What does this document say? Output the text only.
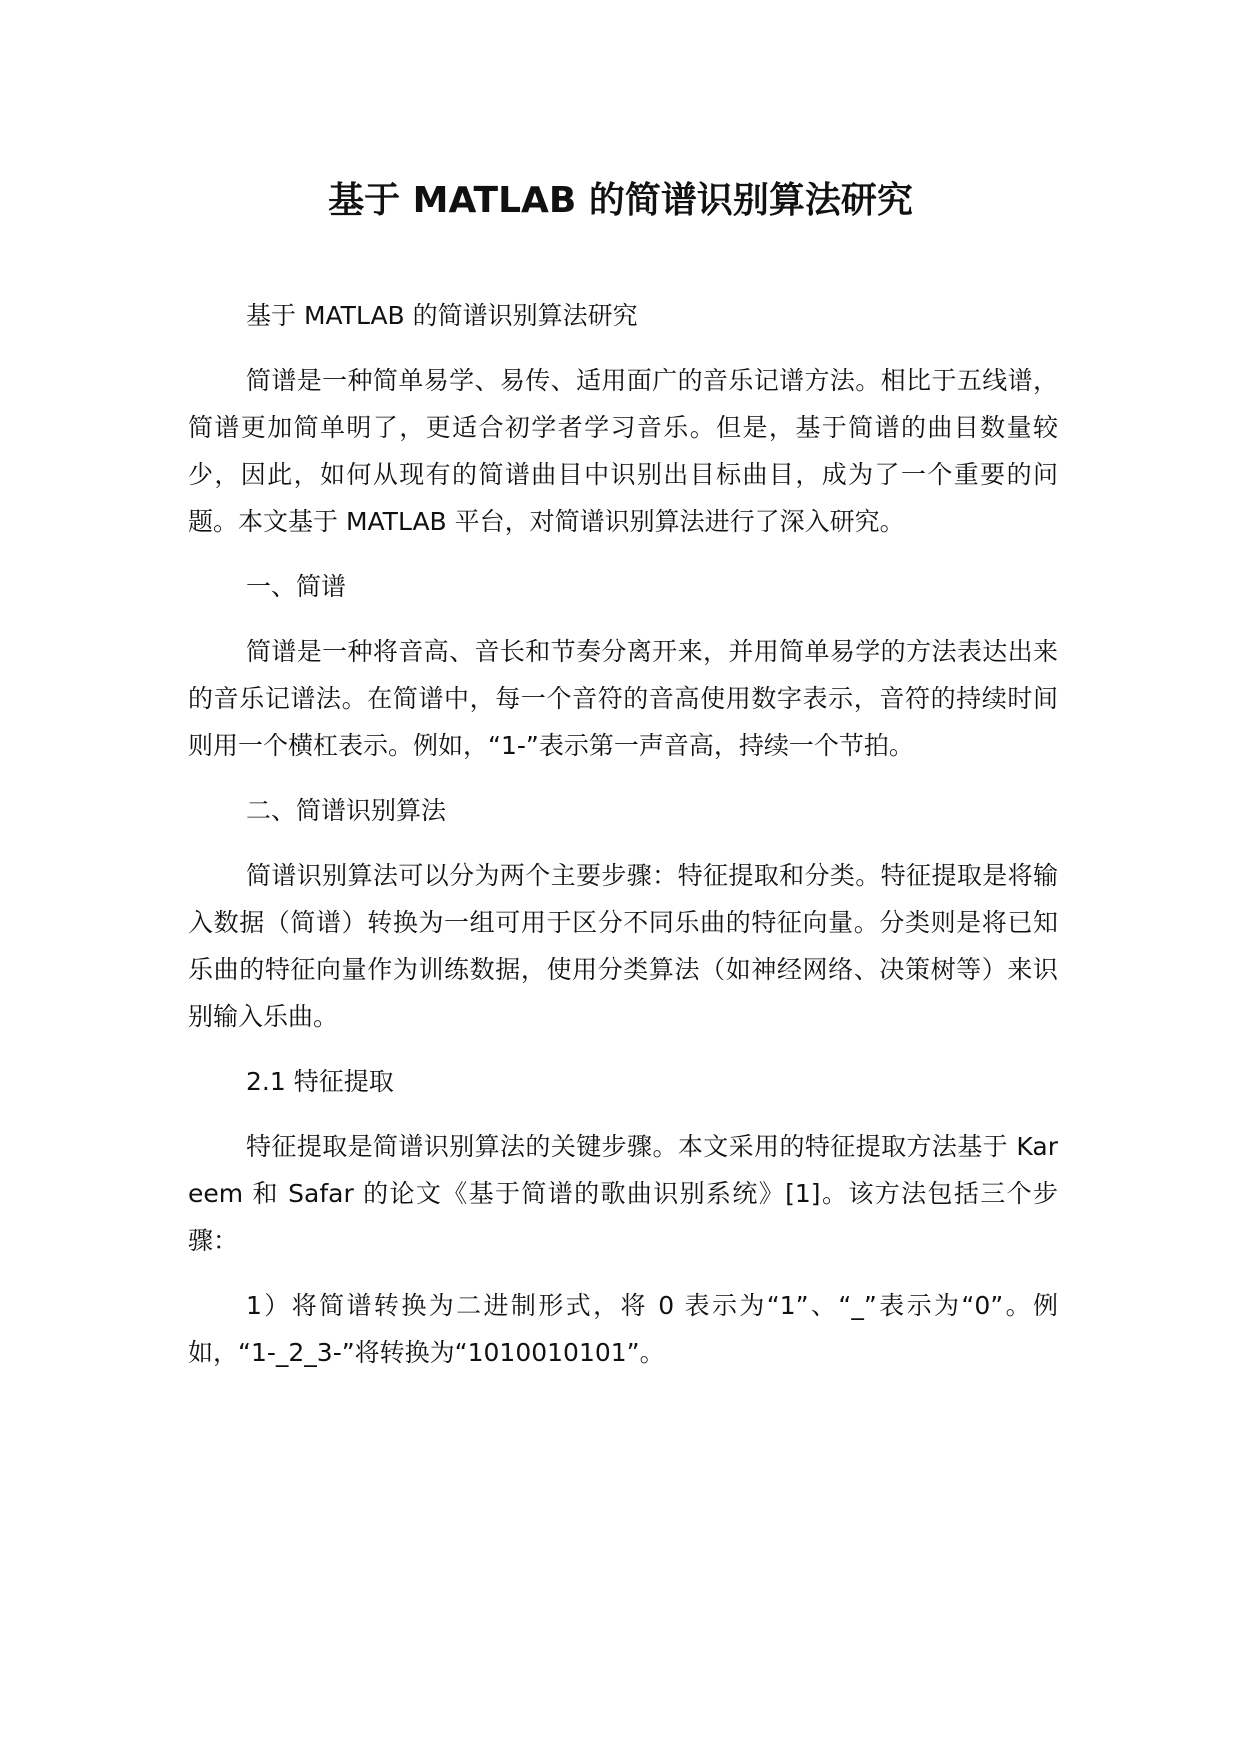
基于 MATLAB 的简谱识别算法研究

基于 MATLAB 的简谱识别算法研究

简谱是一种简单易学、易传、适用面广的音乐记谱方法。相比于五线谱，简谱更加简单明了，更适合初学者学习音乐。但是，基于简谱的曲目数量较少，因此，如何从现有的简谱曲目中识别出目标曲目，成为了一个重要的问题。本文基于 MATLAB 平台，对简谱识别算法进行了深入研究。

一、简谱

简谱是一种将音高、音长和节奏分离开来，并用简单易学的方法表达出来的音乐记谱法。在简谱中，每一个音符的音高使用数字表示，音符的持续时间则用一个横杠表示。例如，“1-”表示第一声音高，持续一个节拍。

二、简谱识别算法

简谱识别算法可以分为两个主要步骤：特征提取和分类。特征提取是将输入数据（简谱）转换为一组可用于区分不同乐曲的特征向量。分类则是将已知乐曲的特征向量作为训练数据，使用分类算法（如神经网络、决策树等）来识别输入乐曲。

2.1 特征提取

特征提取是简谱识别算法的关键步骤。本文采用的特征提取方法基于 Kareem 和 Safar 的论文《基于简谱的歌曲识别系统》[1]。该方法包括三个步骤：

1）将简谱转换为二进制形式，将 0 表示为“1”、“_”表示为“0”。例如，“1-_2_3-”将转换为“1010010101”。
